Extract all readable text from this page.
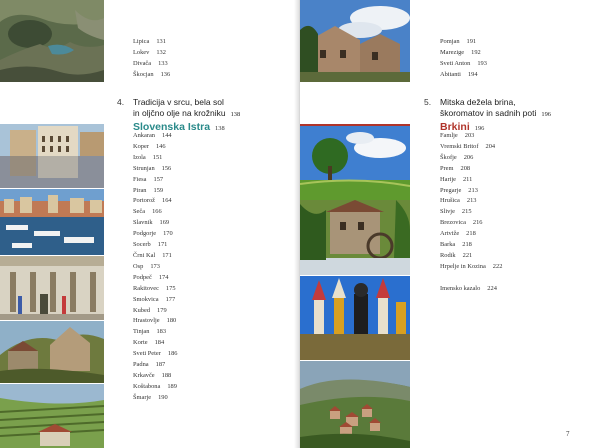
Lipica 131
Lokev 132
Divača 133
Škocjan 136
4. Tradicija v srcu, bela sol
in oljčno olje na krožniku 138
Slovenska Istra 138
Ankaran 144
Koper 146
Izola 151
Strunjan 156
Fiesa 157
Piran 159
Portorož 164
Sečа 166
Slavnik 169
Podgorje 170
Socerb 171
Črni Kal 171
Osp 173
Podpeč 174
Rakitovec 175
Smokvica 177
Kubed 179
Hrastovlje 180
Tinjan 183
Korte 184
Sveti Peter 186
Padna 187
Krkavče 188
Koštabona 189
Šmarje 190
Pomjan 191
Marezige 192
Sveti Anton 193
Abitanti 194
5. Mitska dežela brina,
škoromatov in sadnih poti 196
Brkini 196
Famlje 203
Vremski Britof 204
Škofje 206
Prem 208
Harije 211
Pregarje 213
Hrušica 213
Slivje 215
Brezovica 216
Artviže 218
Barka 218
Rodik 221
Hrpelje in Kozina 222

Imensko kazalo 224
7
